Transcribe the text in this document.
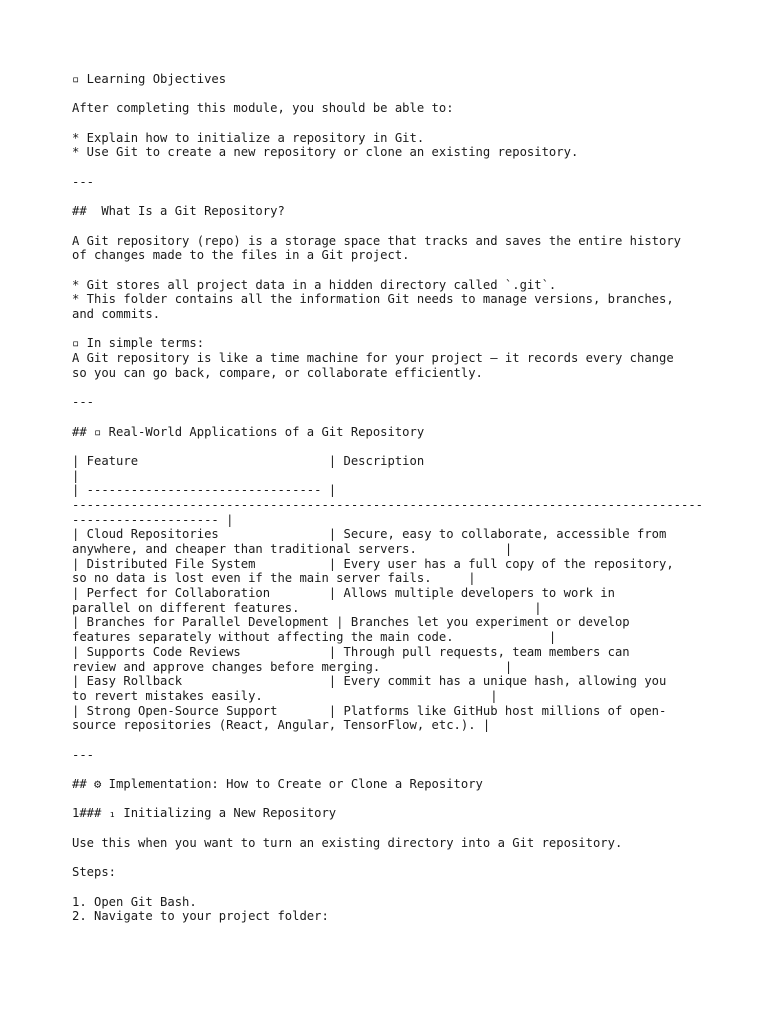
▫ Learning Objectives
After completing this module, you should be able to:
* Explain how to initialize a repository in Git.
* Use Git to create a new repository or clone an existing repository.
---
##  What Is a Git Repository?
A Git repository (repo) is a storage space that tracks and saves the entire history
of changes made to the files in a Git project.
* Git stores all project data in a hidden directory called `.git`.
* This folder contains all the information Git needs to manage versions, branches,
and commits.
▫ In simple terms:
A Git repository is like a time machine for your project — it records every change
so you can go back, compare, or collaborate efficiently.
---
## ▫ Real-World Applications of a Git Repository
| Feature                          | Description
|
| -------------------------------- |
--------------------------------------------------------------------------------------
-------------------- |
| Cloud Repositories               | Secure, easy to collaborate, accessible from
anywhere, and cheaper than traditional servers.            |
| Distributed File System          | Every user has a full copy of the repository,
so no data is lost even if the main server fails.     |
| Perfect for Collaboration        | Allows multiple developers to work in
parallel on different features.                                |
| Branches for Parallel Development | Branches let you experiment or develop
features separately without affecting the main code.             |
| Supports Code Reviews            | Through pull requests, team members can
review and approve changes before merging.                 |
| Easy Rollback                    | Every commit has a unique hash, allowing you
to revert mistakes easily.                               |
| Strong Open-Source Support       | Platforms like GitHub host millions of open-
source repositories (React, Angular, TensorFlow, etc.). |
---
## ⚙ Implementation: How to Create or Clone a Repository
1### ₁ Initializing a New Repository
Use this when you want to turn an existing directory into a Git repository.
Steps:
1. Open Git Bash.
2. Navigate to your project folder:
